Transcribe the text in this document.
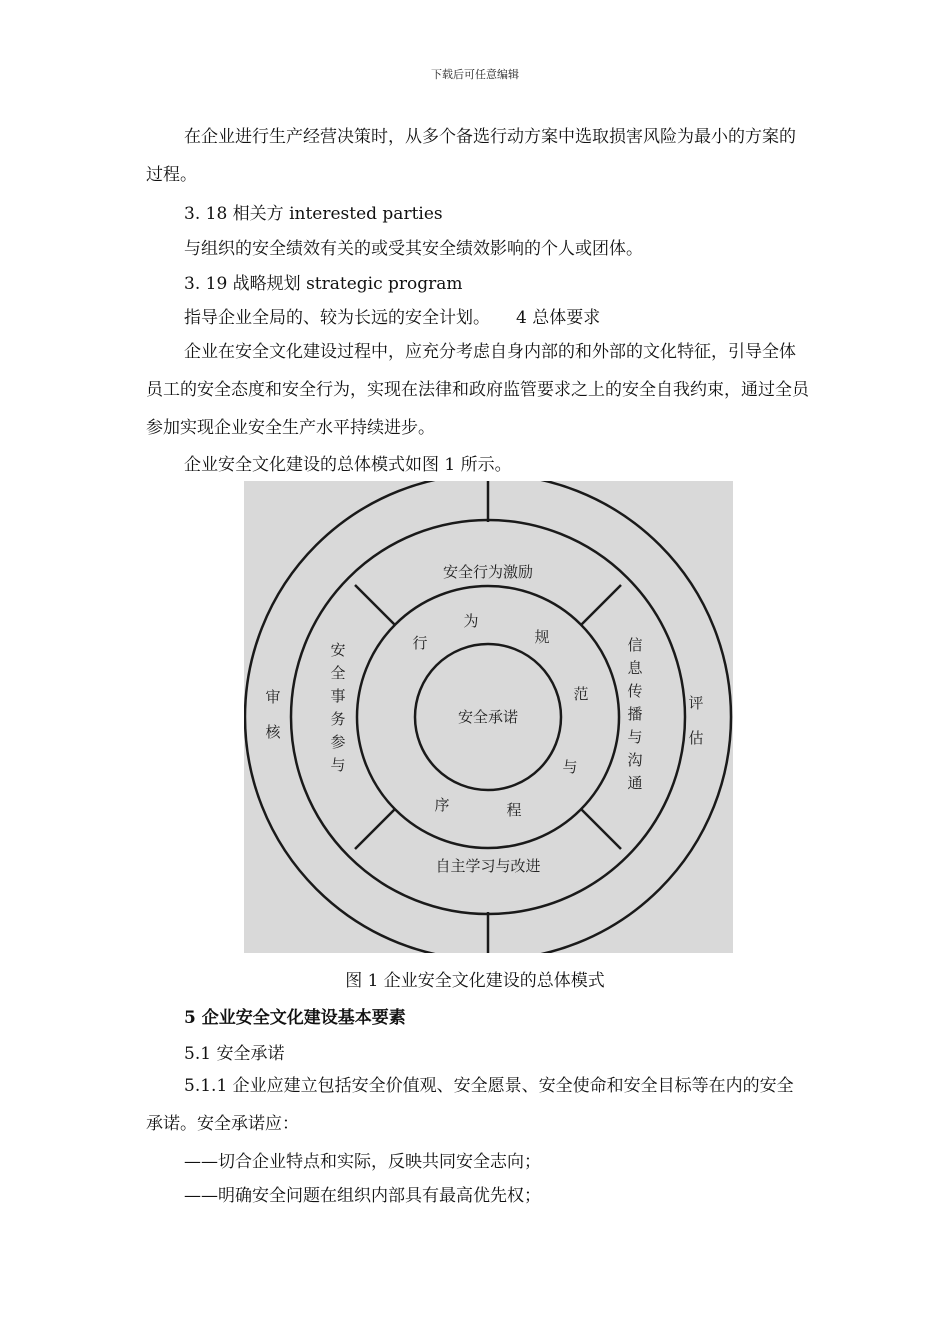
下载后可任意编辑

在企业进行生产经营决策时，从多个备选行动方案中选取损害风险为最小的方案的过程。

3. 18 相关方 interested parties
与组织的安全绩效有关的或受其安全绩效影响的个人或团体。
3. 19 战略规划 strategic program
指导企业全局的、较为长远的安全计划。 4 总体要求

企业在安全文化建设过程中，应充分考虑自身内部的和外部的文化特征，引导全体员工的安全态度和安全行为，实现在法律和政府监管要求之上的安全自我约束，通过全员参加实现企业安全生产水平持续进步。

企业安全文化建设的总体模式如图 1 所示。
安全承诺
安全行为激励
自主学习与改进
安
全
事
务
参
与
信
息
传
播
与
沟
通
行
为
规
范
与
程
序
审
核
评
估
图 1 企业安全文化建设的总体模式
5 企业安全文化建设基本要素
5.1 安全承诺

5.1.1 企业应建立包括安全价值观、安全愿景、安全使命和安全目标等在内的安全承诺。安全承诺应：

——切合企业特点和实际，反映共同安全志向；
——明确安全问题在组织内部具有最高优先权；
